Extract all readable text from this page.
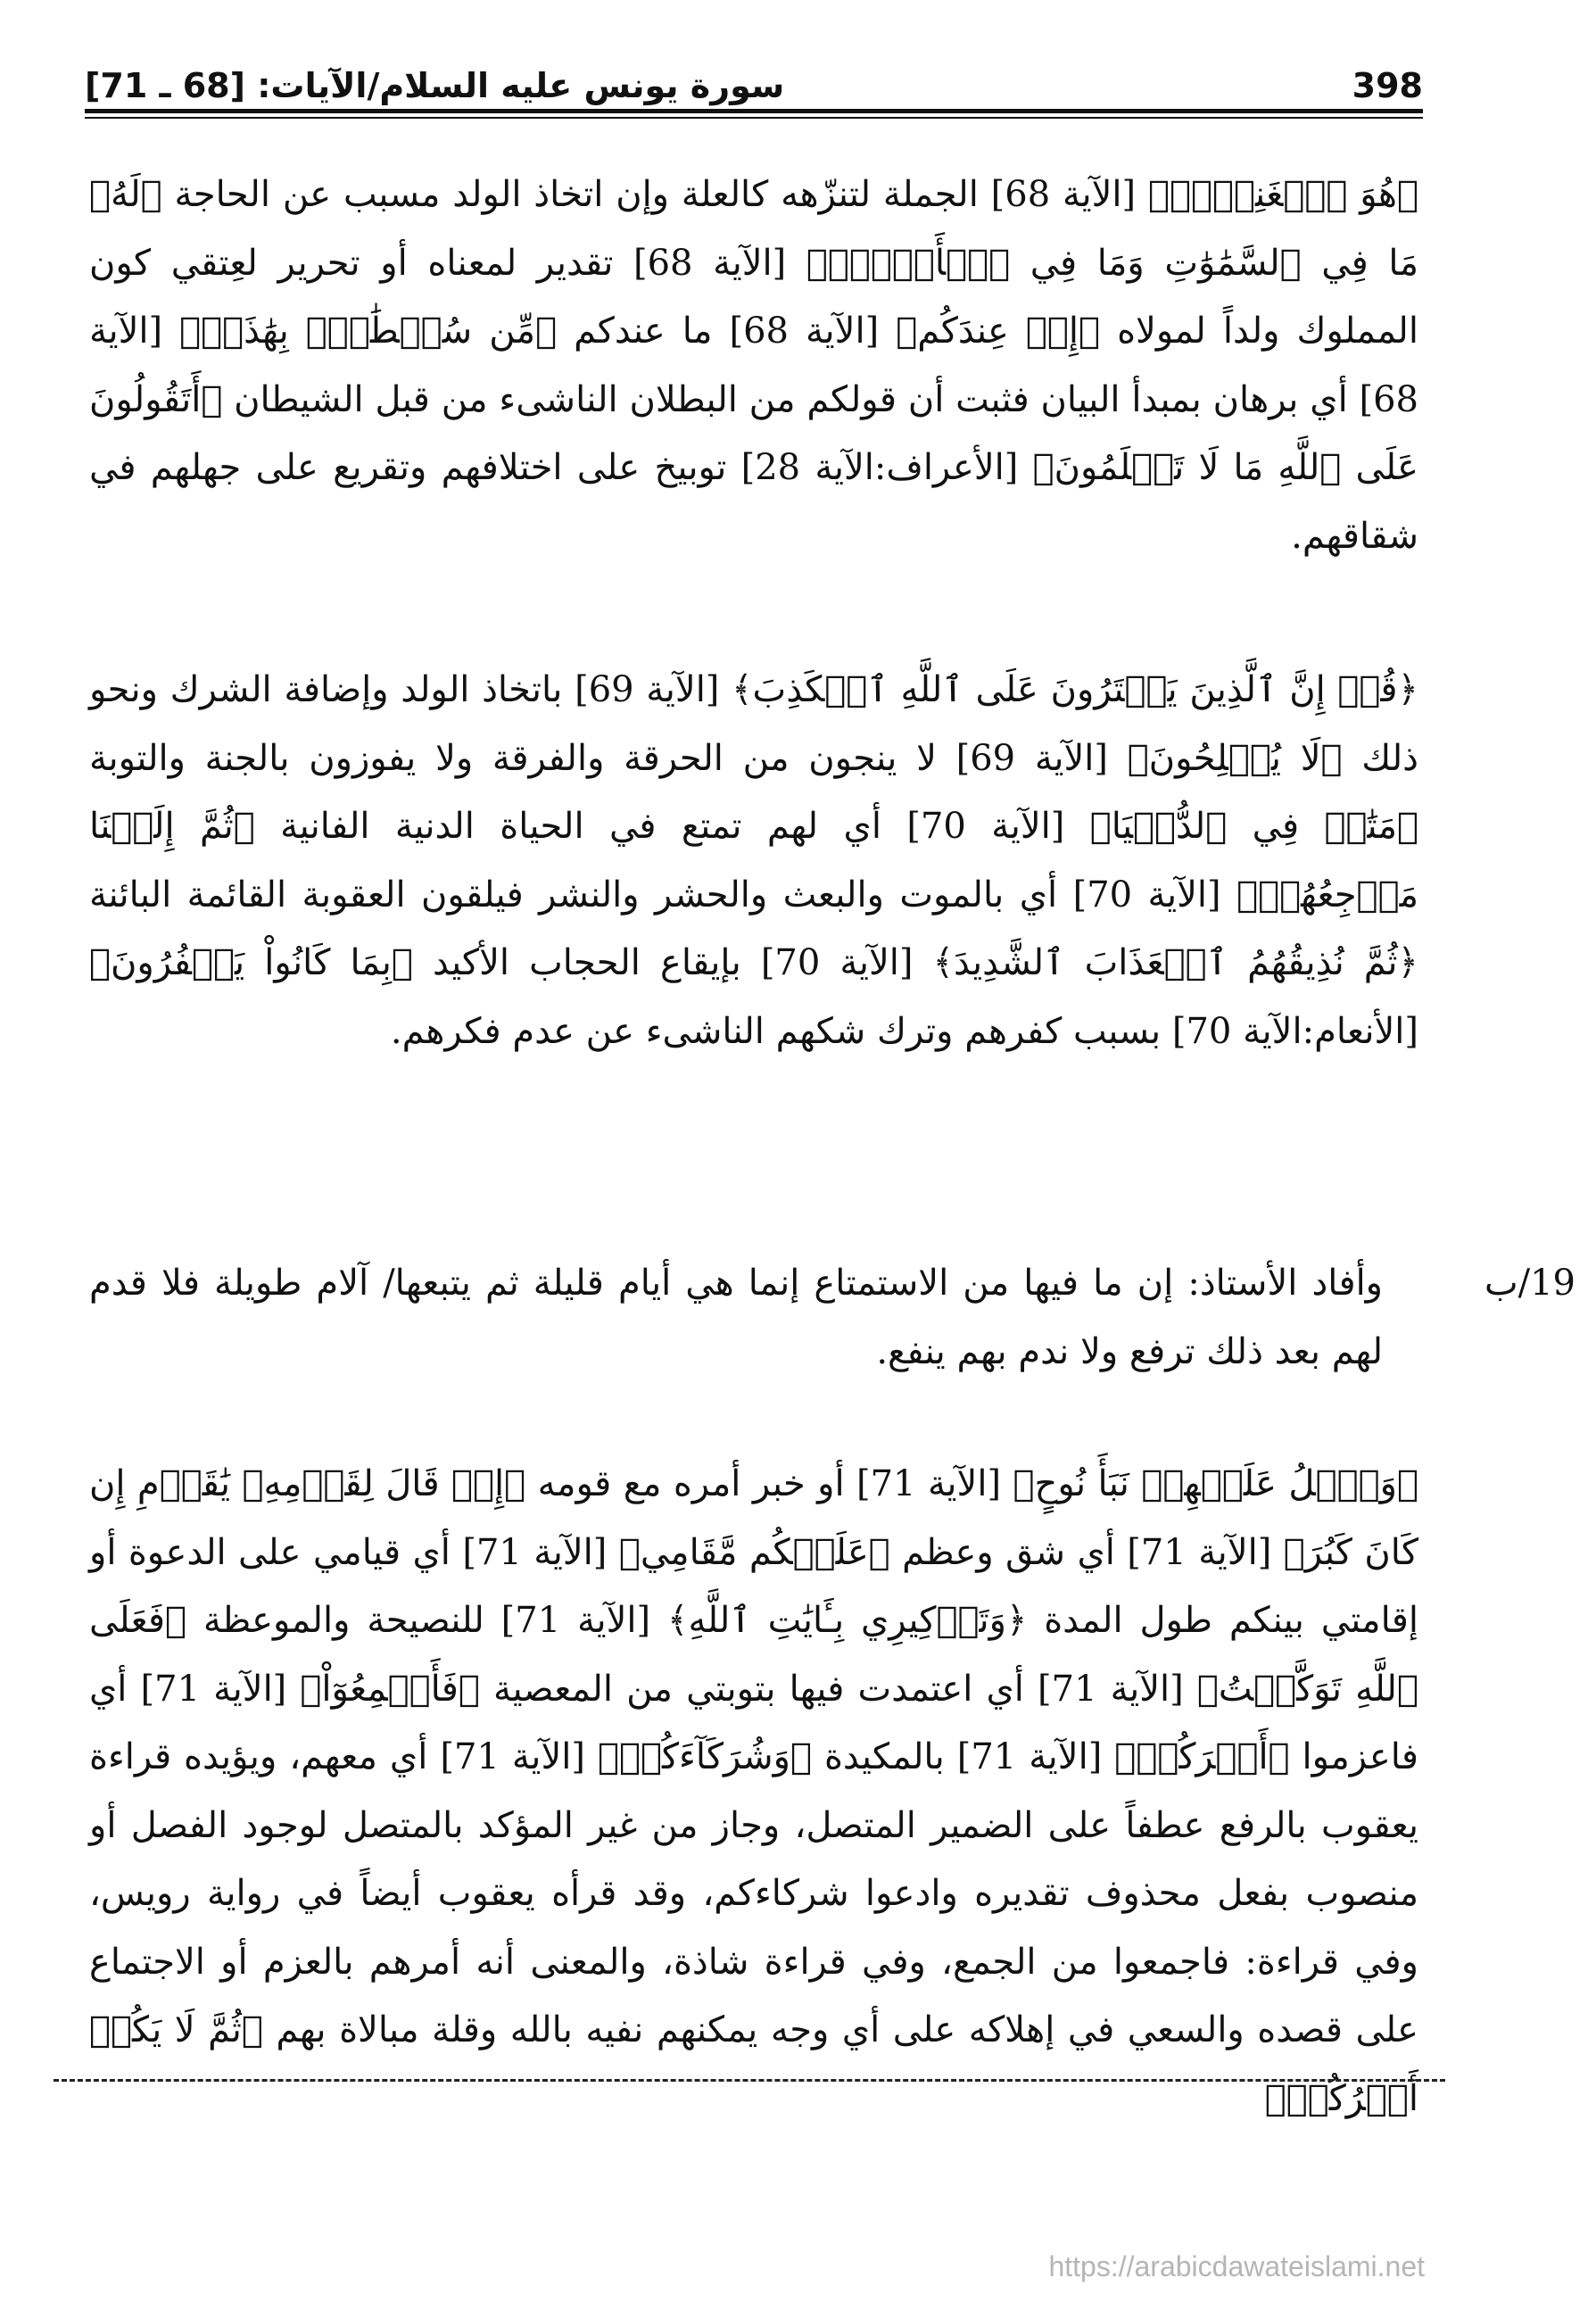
398
سورة يونس عليه السلام/الآيات: [68 ـ 71]

﴿هُوَ ٱلۡغَنِيُّۖ﴾ [الآية 68] الجملة لتنزّهه كالعلة وإن اتخاذ الولد مسبب عن الحاجة ﴿لَهُۥ مَا فِي ٱلسَّمَٰوَٰتِ وَمَا فِي ٱلۡأَرۡضِۚ﴾ [الآية 68] تقدير لمعناه أو تحرير لعِتقي كون المملوك ولداً لمولاه ﴿إِنۡ عِندَكُم﴾ [الآية 68] ما عندكم ﴿مِّن سُلۡطَٰنِۭ بِهَٰذَآۚ﴾ [الآية 68] أي برهان بمبدأ البيان فثبت أن قولكم من البطلان الناشىء من قبل الشيطان ﴿أَتَقُولُونَ عَلَى ٱللَّهِ مَا لَا تَعۡلَمُونَ﴾ [الأعراف:الآية 28] توبيخ على اختلافهم وتقريع على جهلهم في شقاقهم.

﴿قُلۡ إِنَّ ٱلَّذِينَ يَفۡتَرُونَ عَلَى ٱللَّهِ ٱلۡكَذِبَ﴾ [الآية 69] باتخاذ الولد وإضافة الشرك ونحو ذلك ﴿لَا يُفۡلِحُونَ﴾ [الآية 69] لا ينجون من الحرقة والفرقة ولا يفوزون بالجنة والتوبة ﴿مَتَٰعٞ فِي ٱلدُّنۡيَا﴾ [الآية 70] أي لهم تمتع في الحياة الدنية الفانية ﴿ثُمَّ إِلَيۡنَا مَرۡجِعُهُمۡ﴾ [الآية 70] أي بالموت والبعث والحشر والنشر فيلقون العقوبة القائمة البائنة ﴿ثُمَّ نُذِيقُهُمُ ٱلۡعَذَابَ ٱلشَّدِيدَ﴾ [الآية 70] بإيقاع الحجاب الأكيد ﴿بِمَا كَانُواْ يَكۡفُرُونَ﴾ [الأنعام:الآية 70] بسبب كفرهم وترك شكهم الناشىء عن عدم فكرهم.

وأفاد الأستاذ: إن ما فيها من الاستمتاع إنما هي أيام قليلة ثم يتبعها/ آلام طويلة فلا قدم لهم بعد ذلك ترفع ولا ندم بهم ينفع.

19/ب

﴿وَٱتۡلُ عَلَيۡهِمۡ نَبَأَ نُوحٍ﴾ [الآية 71] أو خبر أمره مع قومه ﴿إِذۡ قَالَ لِقَوۡمِهِۦ يَٰقَوۡمِ إِن كَانَ كَبُرَ﴾ [الآية 71] أي شق وعظم ﴿عَلَيۡكُم مَّقَامِي﴾ [الآية 71] أي قيامي على الدعوة أو إقامتي بينكم طول المدة ﴿وَتَذۡكِيرِي بِـَٔايَٰتِ ٱللَّهِ﴾ [الآية 71] للنصيحة والموعظة ﴿فَعَلَى ٱللَّهِ تَوَكَّلۡتُ﴾ [الآية 71] أي اعتمدت فيها بتوبتي من المعصية ﴿فَأَجۡمِعُوٓاْ﴾ [الآية 71] أي فاعزموا ﴿أَمۡرَكُمۡ﴾ [الآية 71] بالمكيدة ﴿وَشُرَكَآءَكُمۡ﴾ [الآية 71] أي معهم، ويؤيده قراءة يعقوب بالرفع عطفاً على الضمير المتصل، وجاز من غير المؤكد بالمتصل لوجود الفصل أو منصوب بفعل محذوف تقديره وادعوا شركاءكم، وقد قرأه يعقوب أيضاً في رواية رويس، وفي قراءة: فاجمعوا من الجمع، وفي قراءة شاذة، والمعنى أنه أمرهم بالعزم أو الاجتماع على قصده والسعي في إهلاكه على أي وجه يمكنهم نفيه بالله وقلة مبالاة بهم ﴿ثُمَّ لَا يَكُنۡ أَمۡرُكُمۡ﴾

https://arabicdawateislami.net
